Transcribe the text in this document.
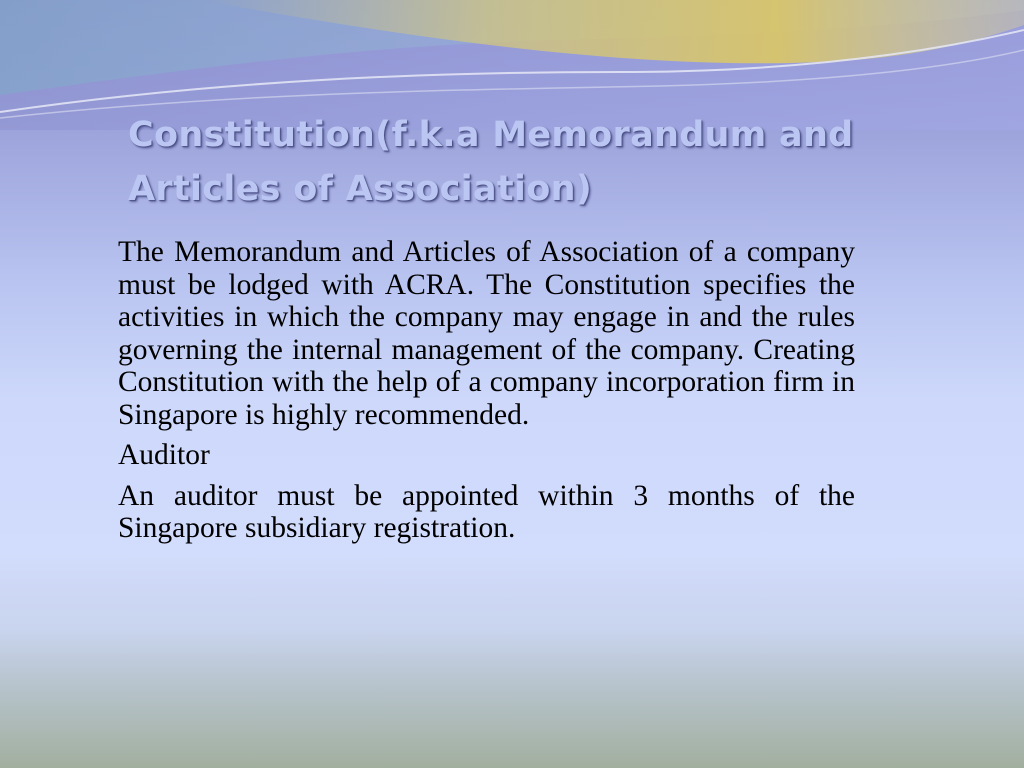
Constitution(f.k.a Memorandum and Articles of Association)

The Memorandum and Articles of Association of a company must be lodged with ACRA. The Constitution specifies the activities in which the company may engage in and the rules governing the internal management of the company. Creating Constitution with the help of a company incorporation firm in Singapore is highly recommended.

Auditor

An auditor must be appointed within 3 months of the Singapore subsidiary registration.
